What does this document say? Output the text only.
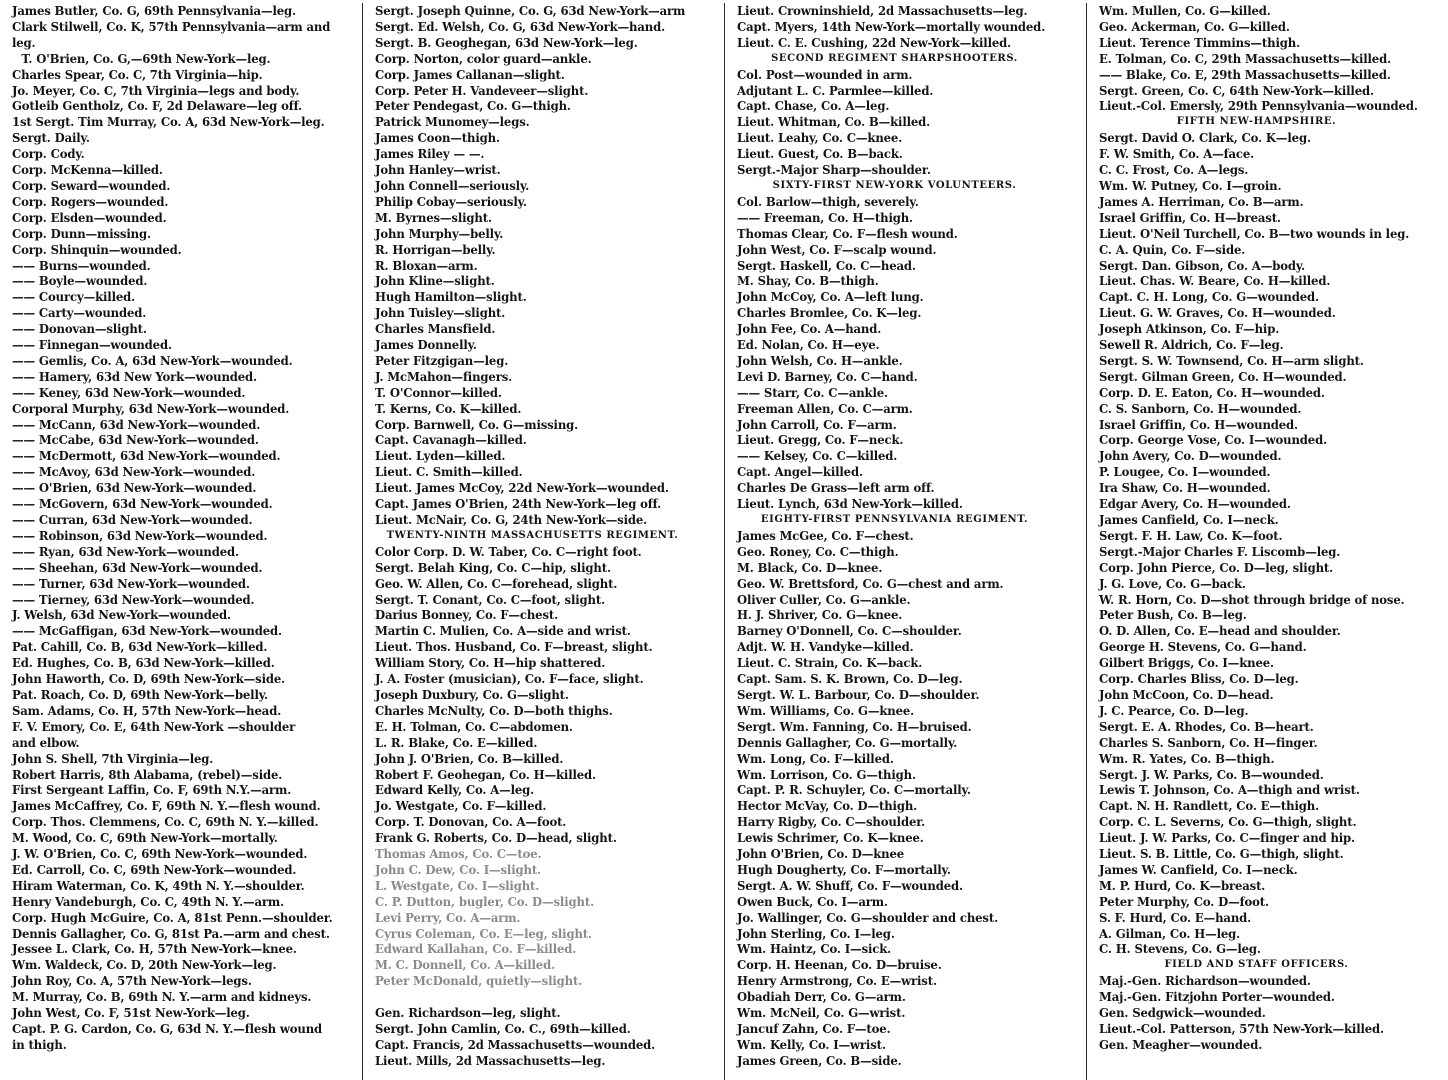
James Butler, Co. G, 69th Pennsylvania—leg.
Clark Stilwell, Co. K, 57th Pennsylvania—arm and
leg.
T. O'Brien, Co. G,—69th New-York—leg.
Charles Spear, Co. C, 7th Virginia—hip.
Jo. Meyer, Co. C, 7th Virginia—legs and body.
Gotleib Gentholz, Co. F, 2d Delaware—leg off.
1st Sergt. Tim Murray, Co. A, 63d New-York—leg.
Sergt. Daily.
Corp. Cody.
Corp. McKenna—killed.
Corp. Seward—wounded.
Corp. Rogers—wounded.
Corp. Elsden—wounded.
Corp. Dunn—missing.
Corp. Shinquin—wounded.
—— Burns—wounded.
—— Boyle—wounded.
—— Courcy—killed.
—— Carty—wounded.
—— Donovan—slight.
—— Finnegan—wounded.
—— Gemlis, Co. A, 63d New-York—wounded.
—— Hamery, 63d New York—wounded.
—— Keney, 63d New-York—wounded.
Corporal Murphy, 63d New-York—wounded.
—— McCann, 63d New-York—wounded.
—— McCabe, 63d New-York—wounded.
—— McDermott, 63d New-York—wounded.
—— McAvoy, 63d New-York—wounded.
—— O'Brien, 63d New-York—wounded.
—— McGovern, 63d New-York—wounded.
—— Curran, 63d New-York—wounded.
—— Robinson, 63d New-York—wounded.
—— Ryan, 63d New-York—wounded.
—— Sheehan, 63d New-York—wounded.
—— Turner, 63d New-York—wounded.
—— Tierney, 63d New-York—wounded.
J. Welsh, 63d New-York—wounded.
—— McGaffigan, 63d New-York—wounded.
Pat. Cahill, Co. B, 63d New-York—killed.
Ed. Hughes, Co. B, 63d New-York—killed.
John Haworth, Co. D, 69th New-York—side.
Pat. Roach, Co. D, 69th New-York—belly.
Sam. Adams, Co. H, 57th New-York—head.
F. V. Emory, Co. E, 64th New-York —shoulder
and elbow.
John S. Shell, 7th Virginia—leg.
Robert Harris, 8th Alabama, (rebel)—side.
First Sergeant Laffin, Co. F, 69th N.Y.—arm.
James McCaffrey, Co. F, 69th N. Y.—flesh wound.
Corp. Thos. Clemmens, Co. C, 69th N. Y.—killed.
M. Wood, Co. C, 69th New-York—mortally.
J. W. O'Brien, Co. C, 69th New-York—wounded.
Ed. Carroll, Co. C, 69th New-York—wounded.
Hiram Waterman, Co. K, 49th N. Y.—shoulder.
Henry Vandeburgh, Co. C, 49th N. Y.—arm.
Corp. Hugh McGuire, Co. A, 81st Penn.—shoulder.
Dennis Gallagher, Co. G, 81st Pa.—arm and chest.
Jessee L. Clark, Co. H, 57th New-York—knee.
Wm. Waldeck, Co. D, 20th New-York—leg.
John Roy, Co. A, 57th New-York—legs.
M. Murray, Co. B, 69th N. Y.—arm and kidneys.
John West, Co. F, 51st New-York—leg.
Capt. P. G. Cardon, Co. G, 63d N. Y.—flesh wound
in thigh.
Sergt. Joseph Quinne, Co. G, 63d New-York—arm
Sergt. Ed. Welsh, Co. G, 63d New-York—hand.
Sergt. B. Geoghegan, 63d New-York—leg.
Corp. Norton, color guard—ankle.
Corp. James Callanan—slight.
Corp. Peter H. Vandeveer—slight.
Peter Pendegast, Co. G—thigh.
Patrick Munomey—legs.
James Coon—thigh.
James Riley — —.
John Hanley—wrist.
John Connell—seriously.
Philip Cobay—seriously.
M. Byrnes—slight.
John Murphy—belly.
R. Horrigan—belly.
R. Bloxan—arm.
John Kline—slight.
Hugh Hamilton—slight.
John Tuisley—slight.
Charles Mansfield.
James Donnelly.
Peter Fitzgigan—leg.
J. McMahon—fingers.
T. O'Connor—killed.
T. Kerns, Co. K—killed.
Corp. Barnwell, Co. G—missing.
Capt. Cavanagh—killed.
Lieut. Lyden—killed.
Lieut. C. Smith—killed.
Lieut. James McCoy, 22d New-York—wounded.
Capt. James O'Brien, 24th New-York—leg off.
Lieut. McNair, Co. G, 24th New-York—side.
TWENTY-NINTH MASSACHUSETTS REGIMENT.
Color Corp. D. W. Taber, Co. C—right foot.
Sergt. Belah King, Co. C—hip, slight.
Geo. W. Allen, Co. C—forehead, slight.
Sergt. T. Conant, Co. C—foot, slight.
Darius Bonney, Co. F—chest.
Martin C. Mulien, Co. A—side and wrist.
Lieut. Thos. Husband, Co. F—breast, slight.
William Story, Co. H—hip shattered.
J. A. Foster (musician), Co. F—face, slight.
Joseph Duxbury, Co. G—slight.
Charles McNulty, Co. D—both thighs.
E. H. Tolman, Co. C—abdomen.
L. R. Blake, Co. E—killed.
John J. O'Brien, Co. B—killed.
Robert F. Geohegan, Co. H—killed.
Edward Kelly, Co. A—leg.
Jo. Westgate, Co. F—killed.
Corp. T. Donovan, Co. A—foot.
Frank G. Roberts, Co. D—head, slight.
Thomas Amos, Co. C—toe.
John C. Dew, Co. I—slight.
L. Westgate, Co. I—slight.
C. P. Dutton, bugler, Co. D—slight.
Levi Perry, Co. A—arm.
Cyrus Coleman, Co. E—leg, slight.
Edward Kallahan, Co. F—killed.
M. C. Donnell, Co. A—killed.
Peter McDonald, quietly—slight.

Gen. Richardson—leg, slight.
Sergt. John Camlin, Co. C., 69th—killed.
Capt. Francis, 2d Massachusetts—wounded.
Lieut. Mills, 2d Massachusetts—leg.
Lieut. Crowninshield, 2d Massachusetts—leg.
Capt. Myers, 14th New-York—mortally wounded.
Lieut. C. E. Cushing, 22d New-York—killed.
SECOND REGIMENT SHARPSHOOTERS.
Col. Post—wounded in arm.
Adjutant L. C. Parmlee—killed.
Capt. Chase, Co. A—leg.
Lieut. Whitman, Co. B—killed.
Lieut. Leahy, Co. C—knee.
Lieut. Guest, Co. B—back.
Sergt.-Major Sharp—shoulder.
SIXTY-FIRST NEW-YORK VOLUNTEERS.
Col. Barlow—thigh, severely.
—— Freeman, Co. H—thigh.
Thomas Clear, Co. F—flesh wound.
John West, Co. F—scalp wound.
Sergt. Haskell, Co. C—head.
M. Shay, Co. B—thigh.
John McCoy, Co. A—left lung.
Charles Bromlee, Co. K—leg.
John Fee, Co. A—hand.
Ed. Nolan, Co. H—eye.
John Welsh, Co. H—ankle.
Levi D. Barney, Co. C—hand.
—— Starr, Co. C—ankle.
Freeman Allen, Co. C—arm.
John Carroll, Co. F—arm.
Lieut. Gregg, Co. F—neck.
—— Kelsey, Co. C—killed.
Capt. Angel—killed.
Charles De Grass—left arm off.
Lieut. Lynch, 63d New-York—killed.
EIGHTY-FIRST PENNSYLVANIA REGIMENT.
James McGee, Co. F—chest.
Geo. Roney, Co. C—thigh.
M. Black, Co. D—knee.
Geo. W. Brettsford, Co. G—chest and arm.
Oliver Culler, Co. G—ankle.
H. J. Shriver, Co. G—knee.
Barney O'Donnell, Co. C—shoulder.
Adjt. W. H. Vandyke—killed.
Lieut. C. Strain, Co. K—back.
Capt. Sam. S. K. Brown, Co. D—leg.
Sergt. W. L. Barbour, Co. D—shoulder.
Wm. Williams, Co. G—knee.
Sergt. Wm. Fanning, Co. H—bruised.
Dennis Gallagher, Co. G—mortally.
Wm. Long, Co. F—killed.
Wm. Lorrison, Co. G—thigh.
Capt. P. R. Schuyler, Co. C—mortally.
Hector McVay, Co. D—thigh.
Harry Rigby, Co. C—shoulder.
Lewis Schrimer, Co. K—knee.
John O'Brien, Co. D—knee
Hugh Dougherty, Co. F—mortally.
Sergt. A. W. Shuff, Co. F—wounded.
Owen Buck, Co. I—arm.
Jo. Wallinger, Co. G—shoulder and chest.
John Sterling, Co. I—leg.
Wm. Haintz, Co. I—sick.
Corp. H. Heenan, Co. D—bruise.
Henry Armstrong, Co. E—wrist.
Obadiah Derr, Co. G—arm.
Wm. McNeil, Co. G—wrist.
Jancuf Zahn, Co. F—toe.
Wm. Kelly, Co. I—wrist.
James Green, Co. B—side.
Wm. Mullen, Co. G—killed.
Geo. Ackerman, Co. G—killed.
Lieut. Terence Timmins—thigh.
E. Tolman, Co. C, 29th Massachusetts—killed.
—— Blake, Co. E, 29th Massachusetts—killed.
Sergt. Green, Co. C, 64th New-York—killed.
Lieut.-Col. Emersly, 29th Pennsylvania—wounded.
FIFTH NEW-HAMPSHIRE.
Sergt. David O. Clark, Co. K—leg.
F. W. Smith, Co. A—face.
C. C. Frost, Co. A—legs.
Wm. W. Putney, Co. I—groin.
James A. Herriman, Co. B—arm.
Israel Griffin, Co. H—breast.
Lieut. O'Neil Turchell, Co. B—two wounds in leg.
C. A. Quin, Co. F—side.
Sergt. Dan. Gibson, Co. A—body.
Lieut. Chas. W. Beare, Co. H—killed.
Capt. C. H. Long, Co. G—wounded.
Lieut. G. W. Graves, Co. H—wounded.
Joseph Atkinson, Co. F—hip.
Sewell R. Aldrich, Co. F—leg.
Sergt. S. W. Townsend, Co. H—arm slight.
Sergt. Gilman Green, Co. H—wounded.
Corp. D. E. Eaton, Co. H—wounded.
C. S. Sanborn, Co. H—wounded.
Israel Griffin, Co. H—wounded.
Corp. George Vose, Co. I—wounded.
John Avery, Co. D—wounded.
P. Lougee, Co. I—wounded.
Ira Shaw, Co. H—wounded.
Edgar Avery, Co. H—wounded.
James Canfield, Co. I—neck.
Sergt. F. H. Law, Co. K—foot.
Sergt.-Major Charles F. Liscomb—leg.
Corp. John Pierce, Co. D—leg, slight.
J. G. Love, Co. G—back.
W. R. Horn, Co. D—shot through bridge of nose.
Peter Bush, Co. B—leg.
O. D. Allen, Co. E—head and shoulder.
George H. Stevens, Co. G—hand.
Gilbert Briggs, Co. I—knee.
Corp. Charles Bliss, Co. D—leg.
John McCoon, Co. D—head.
J. C. Pearce, Co. D—leg.
Sergt. E. A. Rhodes, Co. B—heart.
Charles S. Sanborn, Co. H—finger.
Wm. R. Yates, Co. B—thigh.
Sergt. J. W. Parks, Co. B—wounded.
Lewis T. Johnson, Co. A—thigh and wrist.
Capt. N. H. Randlett, Co. E—thigh.
Corp. C. L. Severns, Co. G—thigh, slight.
Lieut. J. W. Parks, Co. C—finger and hip.
Lieut. S. B. Little, Co. G—thigh, slight.
James W. Canfield, Co. I—neck.
M. P. Hurd, Co. K—breast.
Peter Murphy, Co. D—foot.
S. F. Hurd, Co. E—hand.
A. Gilman, Co. H—leg.
C. H. Stevens, Co. G—leg.
FIELD AND STAFF OFFICERS.
Maj.-Gen. Richardson—wounded.
Maj.-Gen. Fitzjohn Porter—wounded.
Gen. Sedgwick—wounded.
Lieut.-Col. Patterson, 57th New-York—killed.
Gen. Meagher—wounded.
